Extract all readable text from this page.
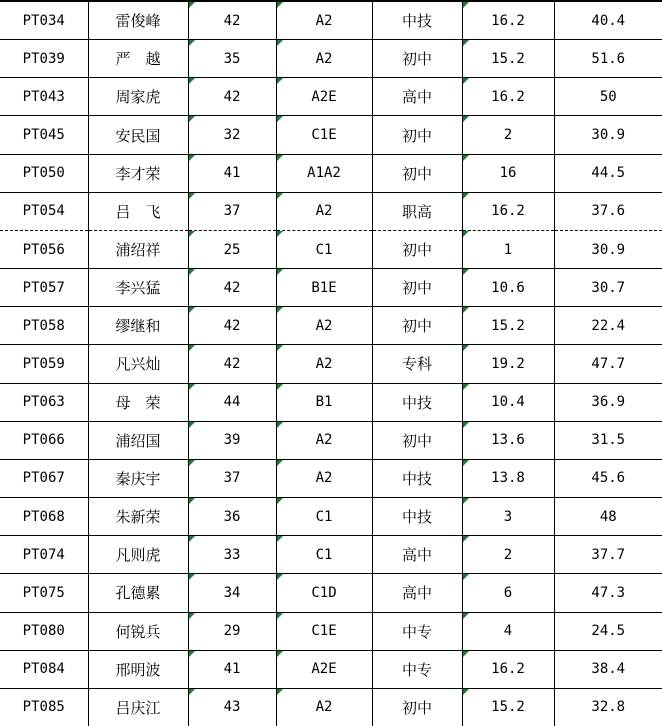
PT034	雷俊峰	42	A2	中技	16.2	40.4
PT039	严　越	35	A2	初中	15.2	51.6
PT043	周家虎	42	A2E	高中	16.2	50
PT045	安民国	32	C1E	初中	2	30.9
PT050	李才荣	41	A1A2	初中	16	44.5
PT054	吕　飞	37	A2	职高	16.2	37.6
PT056	浦绍祥	25	C1	初中	1	30.9
PT057	李兴猛	42	B1E	初中	10.6	30.7
PT058	缪继和	42	A2	初中	15.2	22.4
PT059	凡兴灿	42	A2	专科	19.2	47.7
PT063	母　荣	44	B1	中技	10.4	36.9
PT066	浦绍国	39	A2	初中	13.6	31.5
PT067	秦庆宇	37	A2	中技	13.8	45.6
PT068	朱新荣	36	C1	中技	3	48
PT074	凡则虎	33	C1	高中	2	37.7
PT075	孔德累	34	C1D	高中	6	47.3
PT080	何锐兵	29	C1E	中专	4	24.5
PT084	邢明波	41	A2E	中专	16.2	38.4
PT085	吕庆江	43	A2	初中	15.2	32.8
